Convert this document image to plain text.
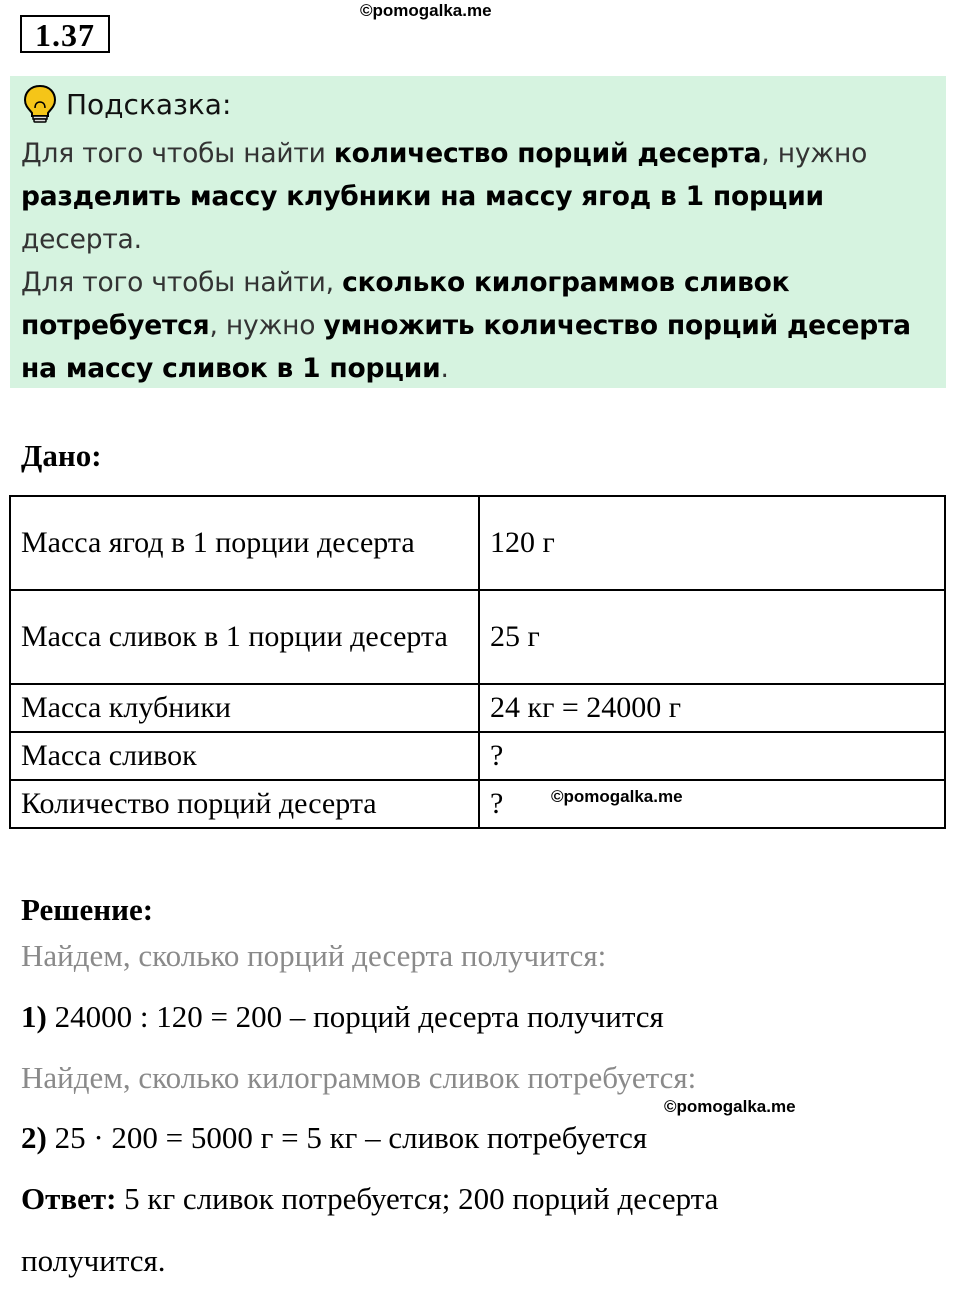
©pomogalka.me
1.37
Подсказка:
Для того чтобы найти количество порций десерта, нужно разделить массу клубники на массу ягод в 1 порции десерта.
Для того чтобы найти, сколько килограммов сливок потребуется, нужно умножить количество порций десерта на массу сливок в 1 порции.
Дано:
Масса ягод в 1 порции десерта	120 г
Масса сливок в 1 порции десерта	25 г
Масса клубники	24 кг = 24000 г
Масса сливок	?
Количество порций десерта	?	©pomogalka.me
Решение:
Найдем, сколько порций десерта получится:
1) 24000 : 120 = 200 – порций десерта получится
Найдем, сколько килограммов сливок потребуется:
©pomogalka.me
2) 25 · 200 = 5000 г = 5 кг – сливок потребуется
Ответ: 5 кг сливок потребуется; 200 порций десерта
получится.
